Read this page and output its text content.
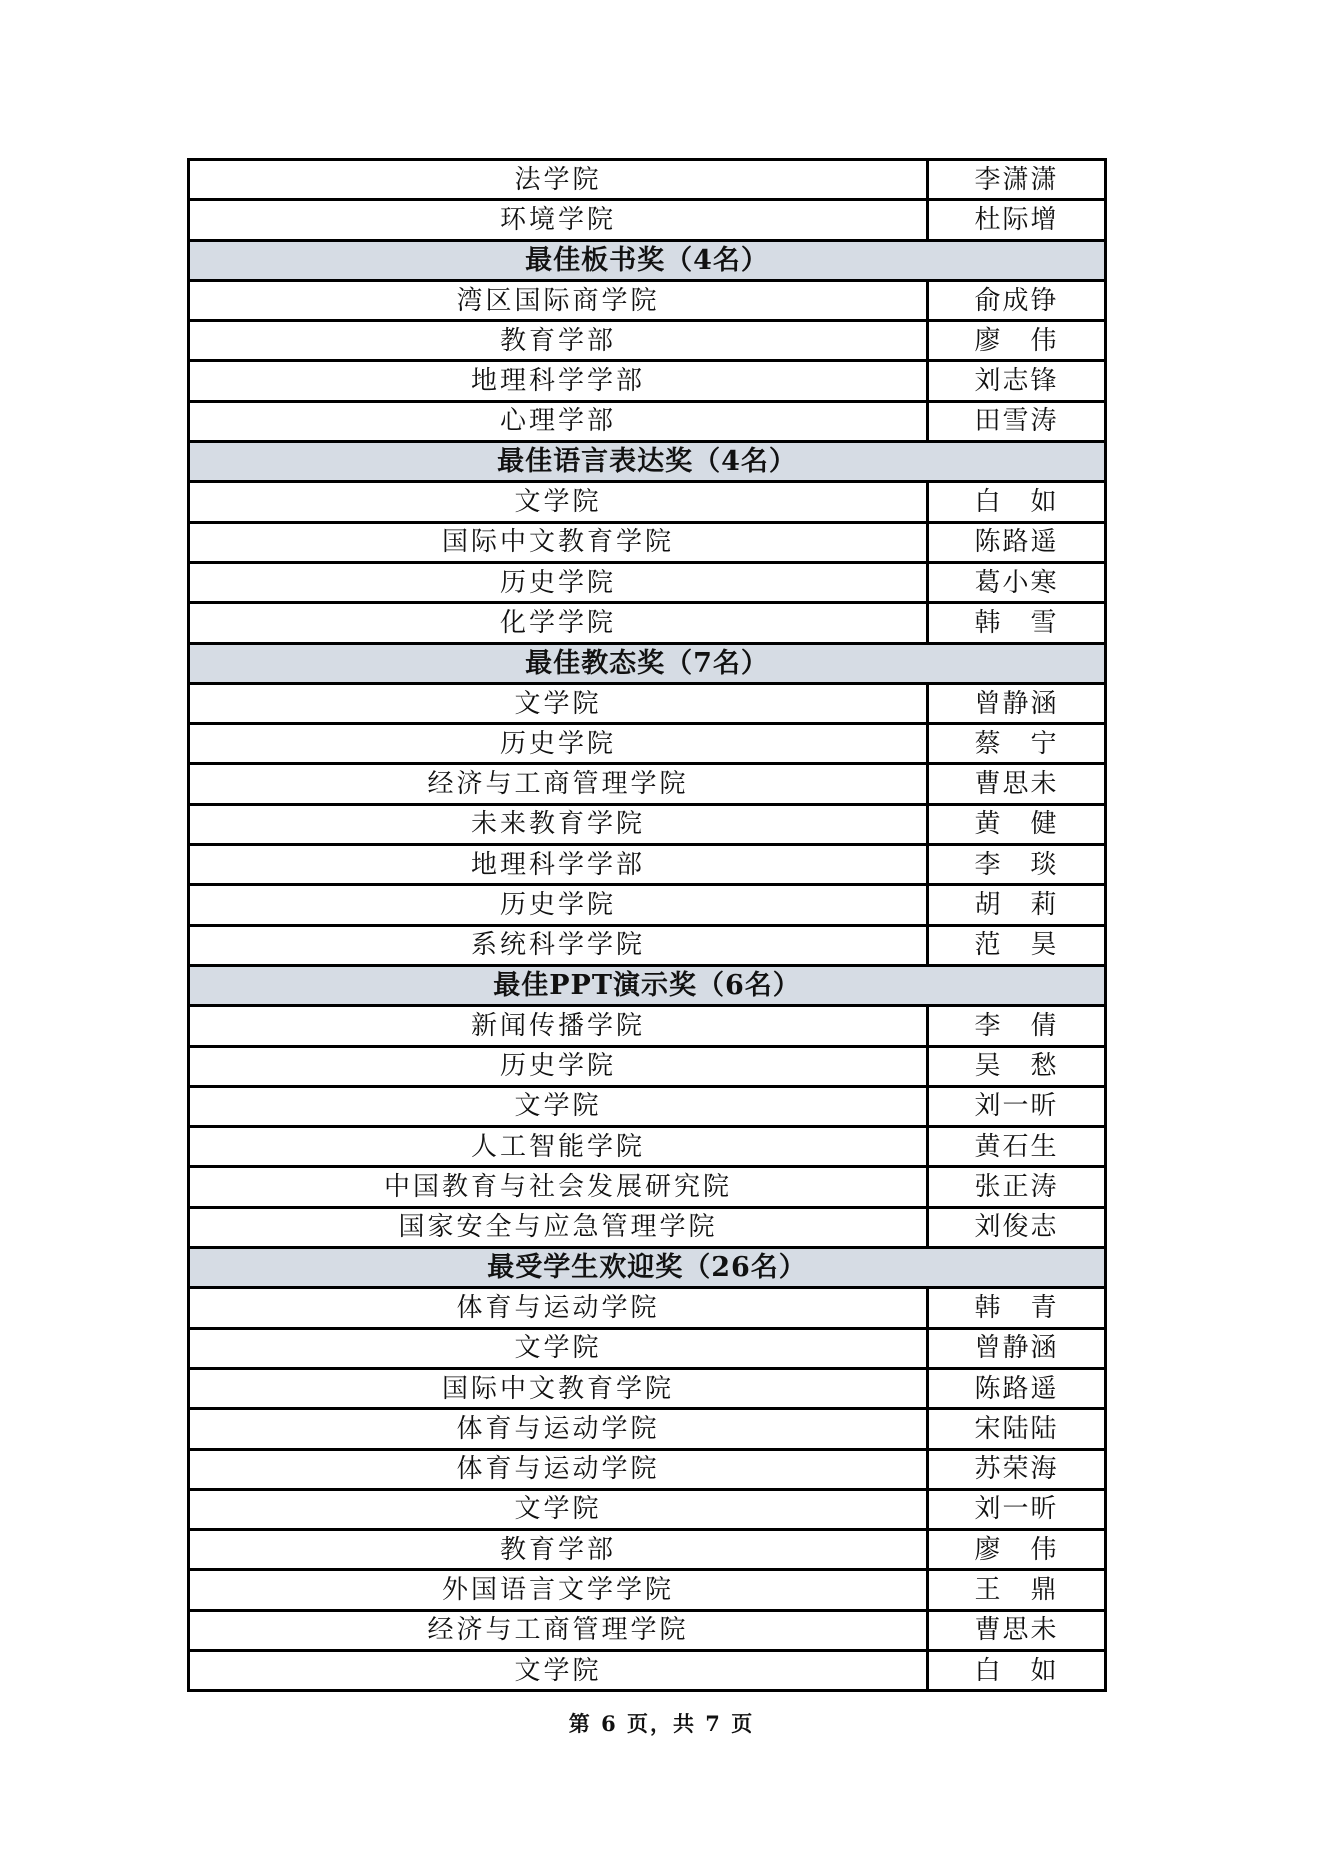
法学院	李潇潇
环境学院	杜际增
最佳板书奖（4名）	
湾区国际商学院	俞成铮
教育学部	廖　伟
地理科学学部	刘志锋
心理学部	田雪涛
最佳语言表达奖（4名）	
文学院	白　如
国际中文教育学院	陈路遥
历史学院	葛小寒
化学学院	韩　雪
最佳教态奖（7名）	
文学院	曾静涵
历史学院	蔡　宁
经济与工商管理学院	曹思未
未来教育学院	黄　健
地理科学学部	李　琰
历史学院	胡　莉
系统科学学院	范　昊
最佳PPT演示奖（6名）	
新闻传播学院	李　倩
历史学院	吴　愁
文学院	刘一昕
人工智能学院	黄石生
中国教育与社会发展研究院	张正涛
国家安全与应急管理学院	刘俊志
最受学生欢迎奖（26名）	
体育与运动学院	韩　青
文学院	曾静涵
国际中文教育学院	陈路遥
体育与运动学院	宋陆陆
体育与运动学院	苏荣海
文学院	刘一昕
教育学部	廖　伟
外国语言文学学院	王　鼎
经济与工商管理学院	曹思未
文学院	白　如
第 6 页，共 7 页
